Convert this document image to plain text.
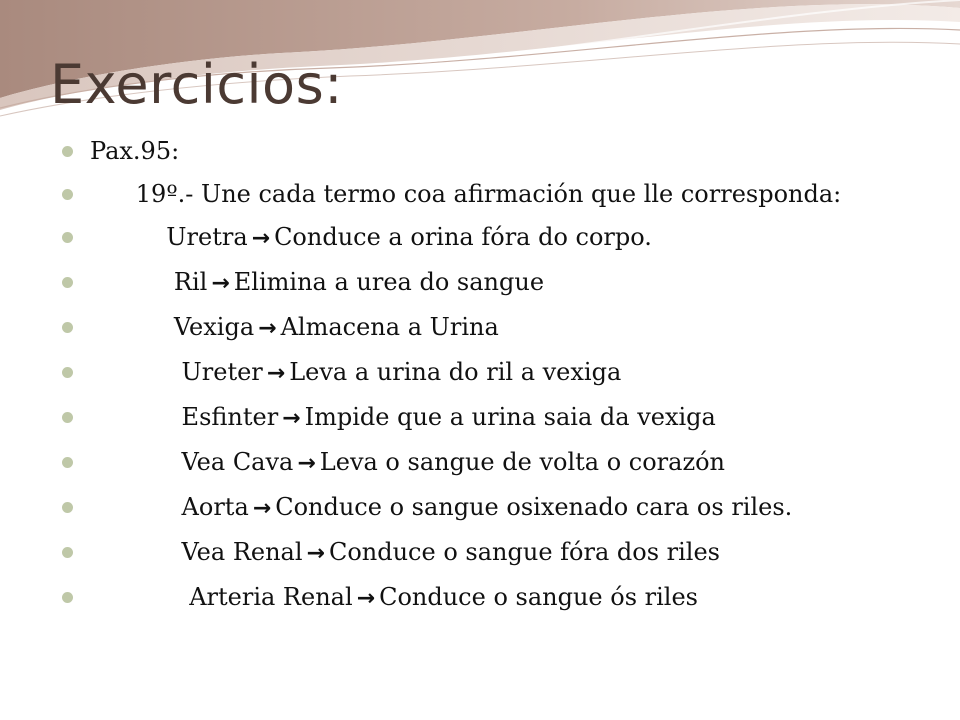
Exercicios:
Pax.95:
19º.- Une cada termo coa afirmación que lle corresponda:
Uretra → Conduce a orina fóra do corpo.
Ril → Elimina a urea do sangue
Vexiga → Almacena a Urina
Ureter → Leva a urina do ril a vexiga
Esfinter → Impide que a urina saia da vexiga
Vea Cava → Leva o sangue de volta o corazón
Aorta → Conduce o sangue osixenado cara os riles.
Vea Renal → Conduce o sangue fóra dos riles
Arteria Renal → Conduce o sangue ós riles
